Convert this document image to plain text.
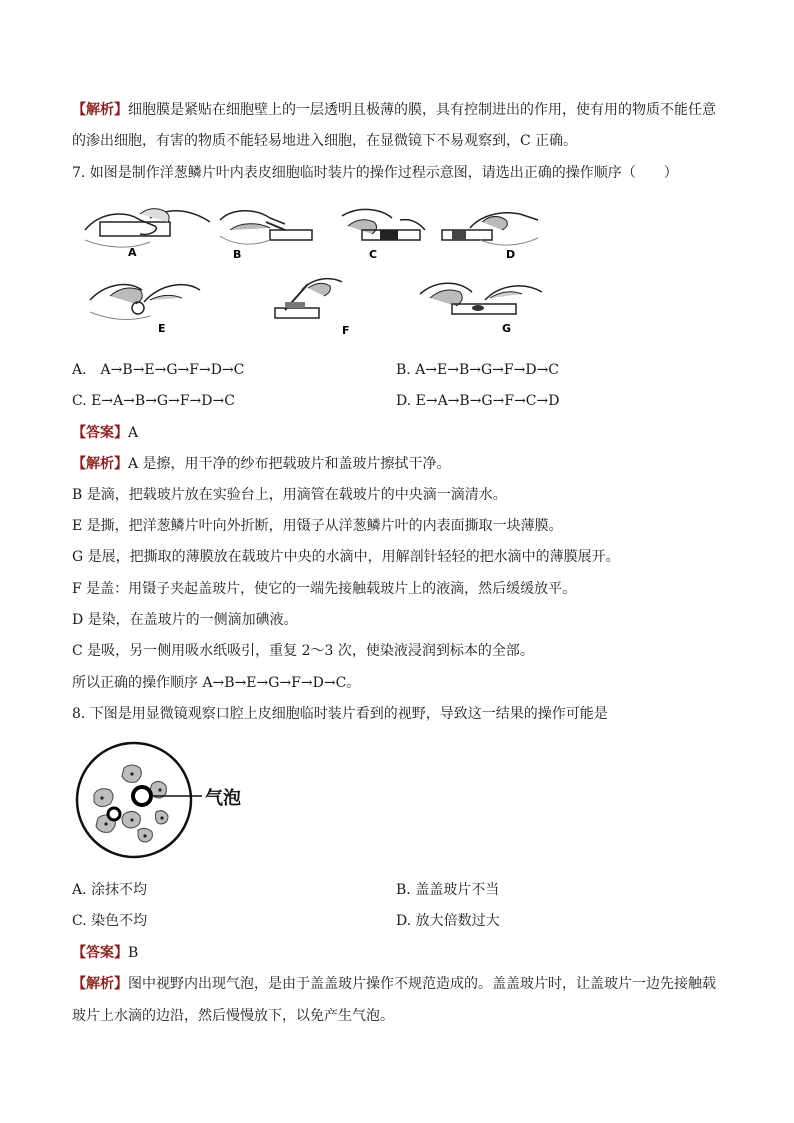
【解析】细胞膜是紧贴在细胞壁上的一层透明且极薄的膜，具有控制进出的作用，使有用的物质不能任意
的渗出细胞，有害的物质不能轻易地进入细胞，在显微镜下不易观察到，C 正确。
7. 如图是制作洋葱鳞片叶内表皮细胞临时装片的操作过程示意图，请选出正确的操作顺序（　　）
A	B	C	D
E	F	G
A.　A→B→E→G→F→D→C	B. A→E→B→G→F→D→C
C. E→A→B→G→F→D→C	D. E→A→B→G→F→C→D
【答案】A
【解析】A 是擦，用干净的纱布把载玻片和盖玻片擦拭干净。
B 是滴，把载玻片放在实验台上，用滴管在载玻片的中央滴一滴清水。
E 是撕，把洋葱鳞片叶向外折断，用镊子从洋葱鳞片叶的内表面撕取一块薄膜。
G 是展，把撕取的薄膜放在载玻片中央的水滴中，用解剖针轻轻的把水滴中的薄膜展开。
F 是盖：用镊子夹起盖玻片，使它的一端先接触载玻片上的液滴，然后缓缓放平。
D 是染，在盖玻片的一侧滴加碘液。
C 是吸，另一侧用吸水纸吸引，重复 2～3 次，使染液浸润到标本的全部。
所以正确的操作顺序 A→B→E→G→F→D→C。
8. 下图是用显微镜观察口腔上皮细胞临时装片看到的视野，导致这一结果的操作可能是
气泡
A. 涂抹不均	B. 盖盖玻片不当
C. 染色不均	D. 放大倍数过大
【答案】B
【解析】图中视野内出现气泡，是由于盖盖玻片操作不规范造成的。盖盖玻片时，让盖玻片一边先接触载
玻片上水滴的边沿，然后慢慢放下，以免产生气泡。
